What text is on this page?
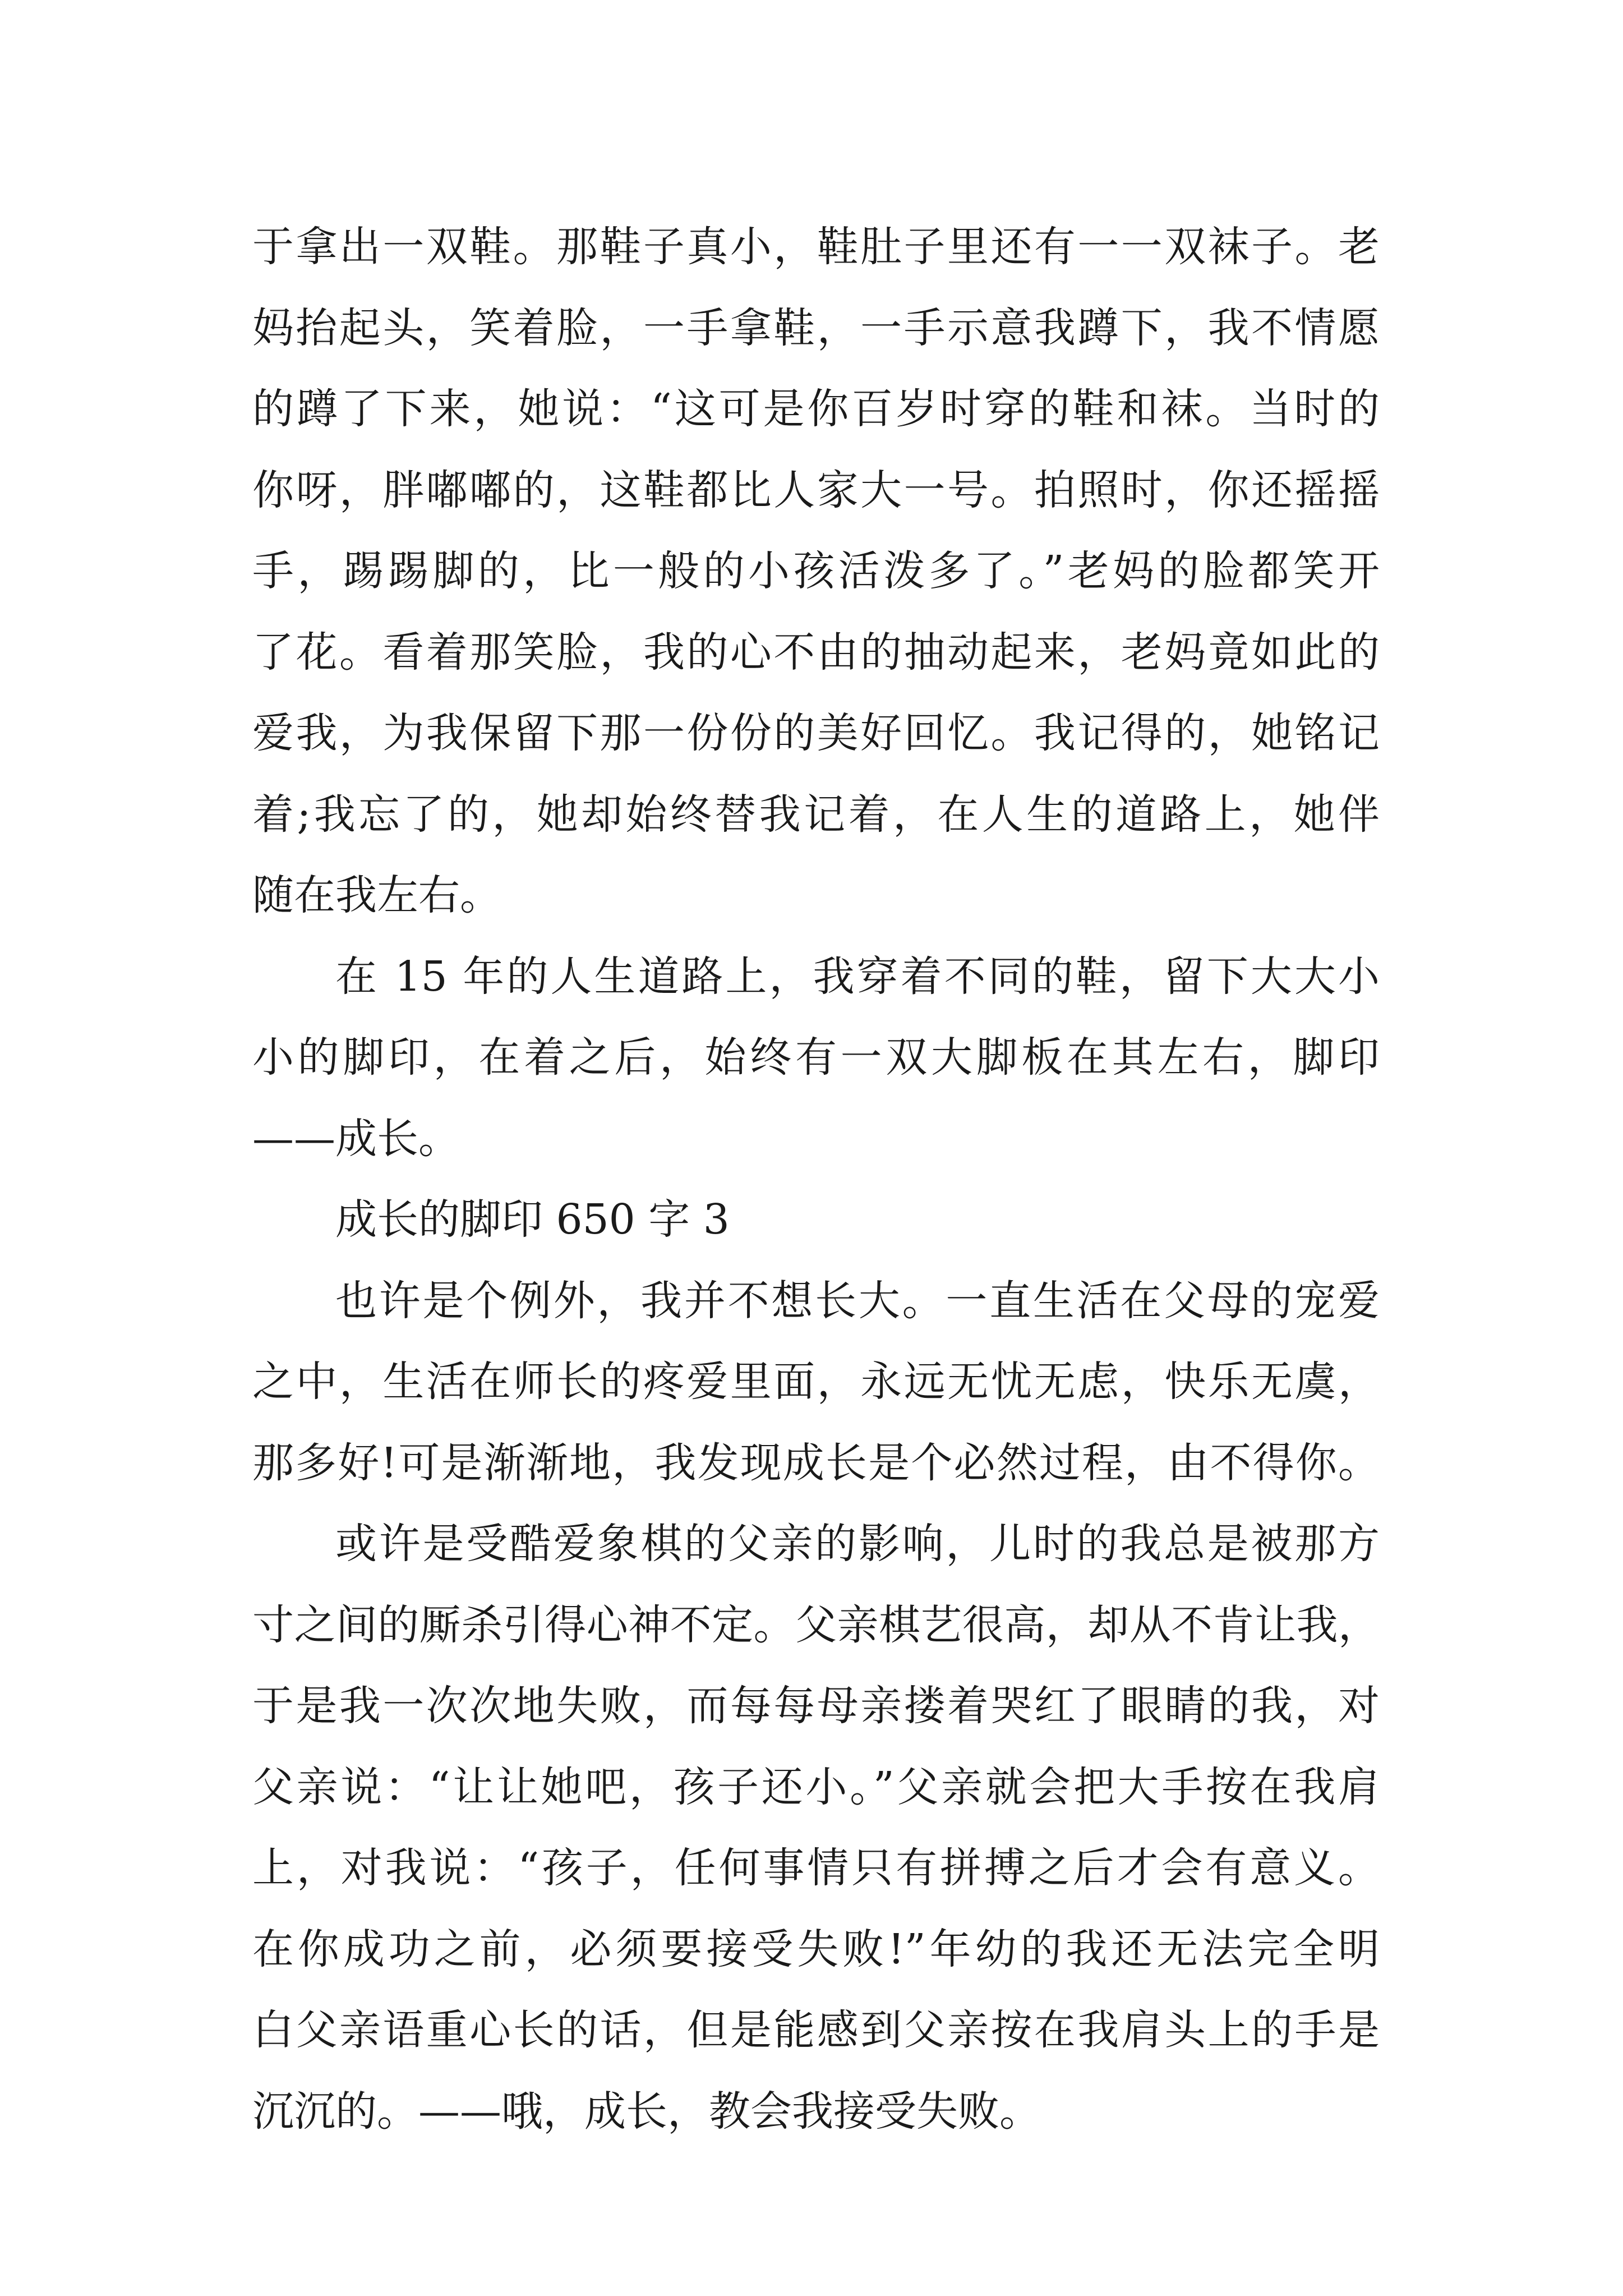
于拿出一双鞋。那鞋子真小，鞋肚子里还有一一双袜子。老
妈抬起头，笑着脸，一手拿鞋，一手示意我蹲下，我不情愿
的蹲了下来，她说：“这可是你百岁时穿的鞋和袜。当时的
你呀，胖嘟嘟的，这鞋都比人家大一号。拍照时，你还摇摇
手，踢踢脚的，比一般的小孩活泼多了。”老妈的脸都笑开
了花。看着那笑脸，我的心不由的抽动起来，老妈竟如此的
爱我，为我保留下那一份份的美好回忆。我记得的，她铭记
着;我忘了的，她却始终替我记着，在人生的道路上，她伴
随在我左右。
在 15 年的人生道路上，我穿着不同的鞋，留下大大小
小的脚印，在着之后，始终有一双大脚板在其左右，脚印
——成长。
成长的脚印 650 字 3
也许是个例外，我并不想长大。一直生活在父母的宠爱
之中，生活在师长的疼爱里面，永远无忧无虑，快乐无虞，
那多好!可是渐渐地，我发现成长是个必然过程，由不得你。
或许是受酷爱象棋的父亲的影响，儿时的我总是被那方
寸之间的厮杀引得心神不定。父亲棋艺很高，却从不肯让我，
于是我一次次地失败，而每每母亲搂着哭红了眼睛的我，对
父亲说：“让让她吧，孩子还小。”父亲就会把大手按在我肩
上，对我说：“孩子，任何事情只有拼搏之后才会有意义。
在你成功之前，必须要接受失败!”年幼的我还无法完全明
白父亲语重心长的话，但是能感到父亲按在我肩头上的手是
沉沉的。——哦，成长，教会我接受失败。
